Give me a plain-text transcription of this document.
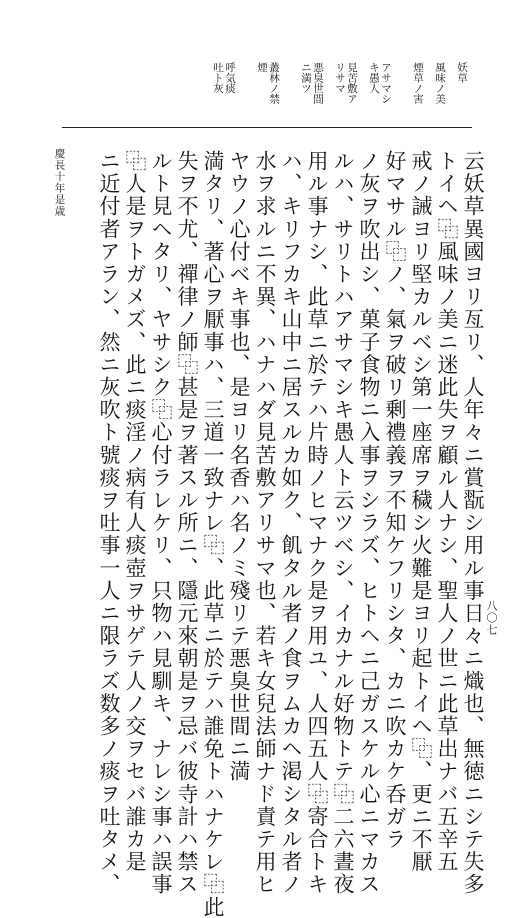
妖草
風味ノ美
煙草ノ害
アサマシ
キ愚人
見苦敷ア
リサマ
悪臭世間
ニ満ツ
叢林ノ禁
煙
呼気痰
吐ト灰
云妖草異國ヨリ亙リ、人年々ニ賞翫シ用ル事日々ニ熾也、無徳ニシテ失多
トイヘ⿻風味ノ美ニ迷此失ヲ顧ル人ナシ、聖人ノ世ニ此草出ナバ五辛五
戒ノ誡ヨリ堅カルベシ第一座席ヲ穢シ火難是ヨリ起トイヘ⿻、更ニ不厭
好マサル⿻ノ、氣ヲ破リ剰禮義ヲ不知ケフリシタ、カニ吹カケ呑ガラ
ノ灰ヲ吹出シ、菓子食物ニ入事ヲシラズ、ヒトヘニ己ガスケル心ニマカス
ルハ、サリトハアサマシキ愚人ト云ツベシ、イカナル好物トテ⿻二六晝夜
用ル事ナシ、此草ニ於テハ片時ノヒマナク是ヲ用ユ、人四五人⿻寄合トキ
ハ、キリフカキ山中ニ居スルカ如ク、飢タル者ノ食ヲムカヘ渇シタル者ノ
水ヲ求ルニ不異、ハナハダ見苦敷アリサマ也、若キ女兒法師ナド責テ用ヒ
ヤウノ心付ベキ事也、是ヨリ名香ハ名ノミ殘リテ悪臭世間ニ満
満タリ、著心ヲ厭事ハ、三道一致ナレ⿻、此草ニ於テハ誰免トハナケレ⿻此
失ヲ不尤、禪律ノ師⿻甚是ヲ著スル所ニ、隱元來朝是ヲ忌バ彼寺計ハ禁ス
ルト見ヘタリ、ヤサシク⿻心付ラレケリ、只物ハ見馴キ、ナレシ事ハ誤事
⿻人是ヲトガメズ、此ニ痰淫ノ病有人痰壺ヲサゲテ人ノ交ヲセバ誰カ是
ニ近付者アラン、然ニ灰吹ト號痰ヲ吐事一人ニ限ラズ数多ノ痰ヲ吐タメ、	八〇七
慶長十年是歳
